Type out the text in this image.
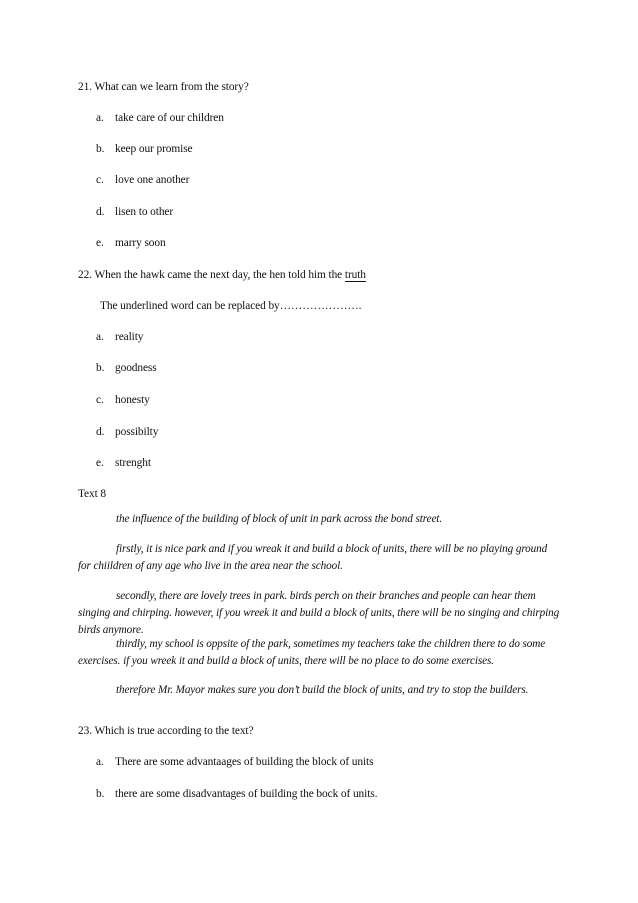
21. What can we learn from the story?
a. take care of our children
b. keep our promise
c. love one another
d. lisen to other
e. marry soon
22. When the hawk came the next day, the hen told him the truth
The underlined word can be replaced by………………….
a. reality
b. goodness
c. honesty
d. possibilty
e. strenght
Text 8
the influence of the building of block of unit in park across the bond street.
firstly, it is nice park and if you wreak it and build a block of units, there will be no playing ground for chiildren of any age who live in the area near the school.
secondly, there are lovely trees in park. birds perch on their branches and people can hear them singing and chirping. however, if you wreek it and build a block of units, there will be no singing and chirping birds anymore.
thirdly, my school is oppsite of the park, sometimes my teachers take the children there to do some exercises. if you wreek it and build a block of units, there will be no place to do some exercises.
therefore Mr. Mayor makes sure you don’t build the block of units, and try to stop the builders.
23. Which is true according to the text?
a. There are some advantaages of building the block of units
b. there are some disadvantages of building the bock of units.
